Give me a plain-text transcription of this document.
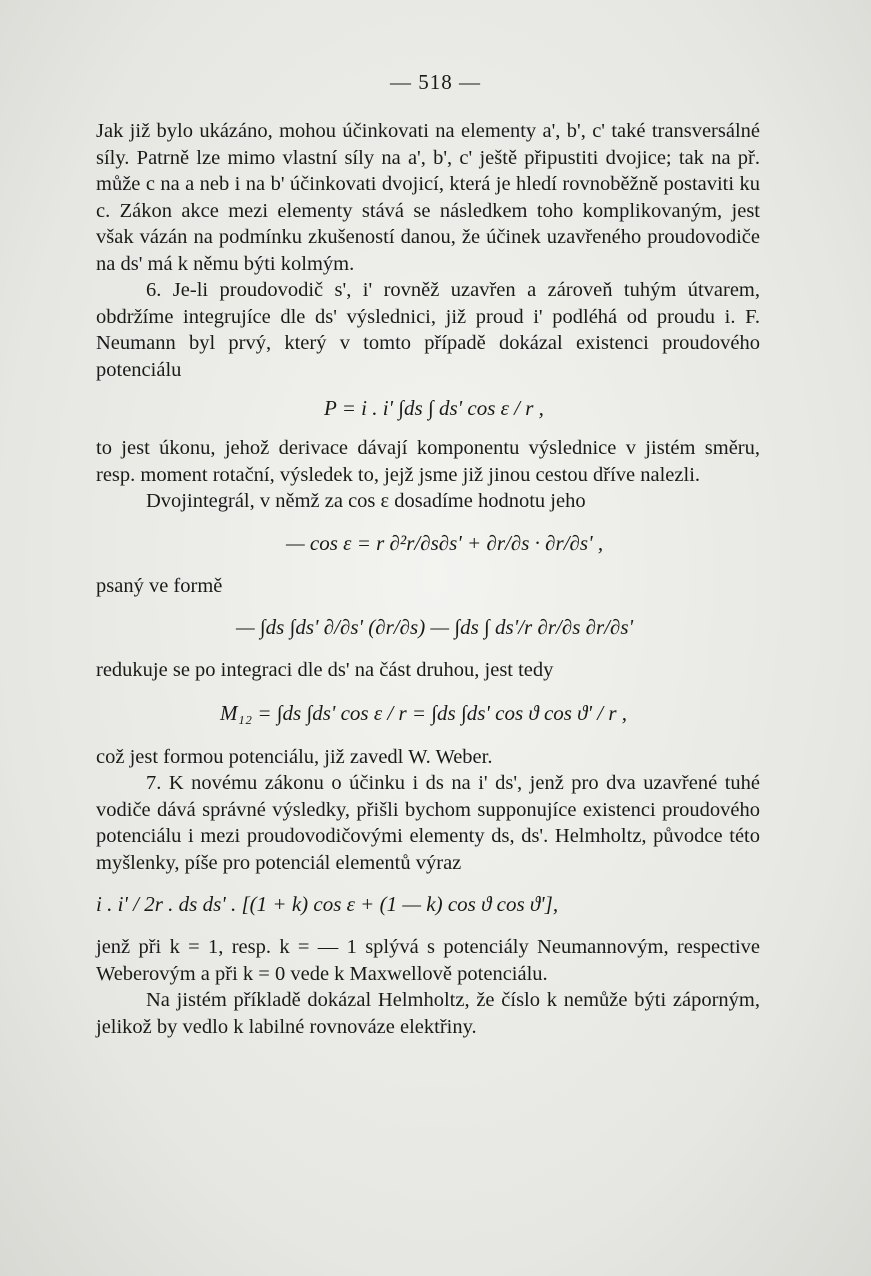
— 518 —

Jak již bylo ukázáno, mohou účinkovati na elementy a', b', c' také transversálné síly. Patrně lze mimo vlastní síly na a', b', c' ještě připustiti dvojice; tak na př. může c na a neb i na b' účinkovati dvojicí, která je hledí rovnoběžně postaviti ku c. Zákon akce mezi elementy stává se následkem toho komplikovaným, jest však vázán na podmínku zkušeností danou, že účinek uzavřeného proudovodiče na ds' má k němu býti kolmým.

6. Je-li proudovodič s', i' rovněž uzavřen a zároveň tuhým útvarem, obdržíme integrujíce dle ds' výslednici, již proud i' podléhá od proudu i. F. Neumann byl prvý, který v tomto případě dokázal existenci proudového potenciálu

P = i . i' ∫ds ∫ ds' cos ε / r ,

to jest úkonu, jehož derivace dávají komponentu výslednice v jistém směru, resp. moment rotační, výsledek to, jejž jsme již jinou cestou dříve nalezli.

Dvojintegrál, v němž za cos ε dosadíme hodnotu jeho

— cos ε = r ∂²r/∂s∂s' + ∂r/∂s · ∂r/∂s' ,

psaný ve formě

— ∫ds ∫ds' ∂/∂s' (∂r/∂s) — ∫ds ∫ ds'/r ∂r/∂s ∂r/∂s'

redukuje se po integraci dle ds' na část druhou, jest tedy

M₁₂ = ∫ds ∫ds' cos ε / r = ∫ds ∫ds' cos ϑ cos ϑ' / r ,

což jest formou potenciálu, již zavedl W. Weber.

7. K novému zákonu o účinku i ds na i' ds', jenž pro dva uzavřené tuhé vodiče dává správné výsledky, přišli bychom supponujíce existenci proudového potenciálu i mezi proudovodičovými elementy ds, ds'. Helmholtz, původce této myšlenky, píše pro potenciál elementů výraz

i . i' / 2r . ds ds' . [(1 + k) cos ε + (1 — k) cos ϑ cos ϑ'],

jenž při k = 1, resp. k = — 1 splývá s potenciály Neumannovým, respective Weberovým a při k = 0 vede k Maxwellově potenciálu.

Na jistém příkladě dokázal Helmholtz, že číslo k nemůže býti záporným, jelikož by vedlo k labilné rovnováze elektřiny.
